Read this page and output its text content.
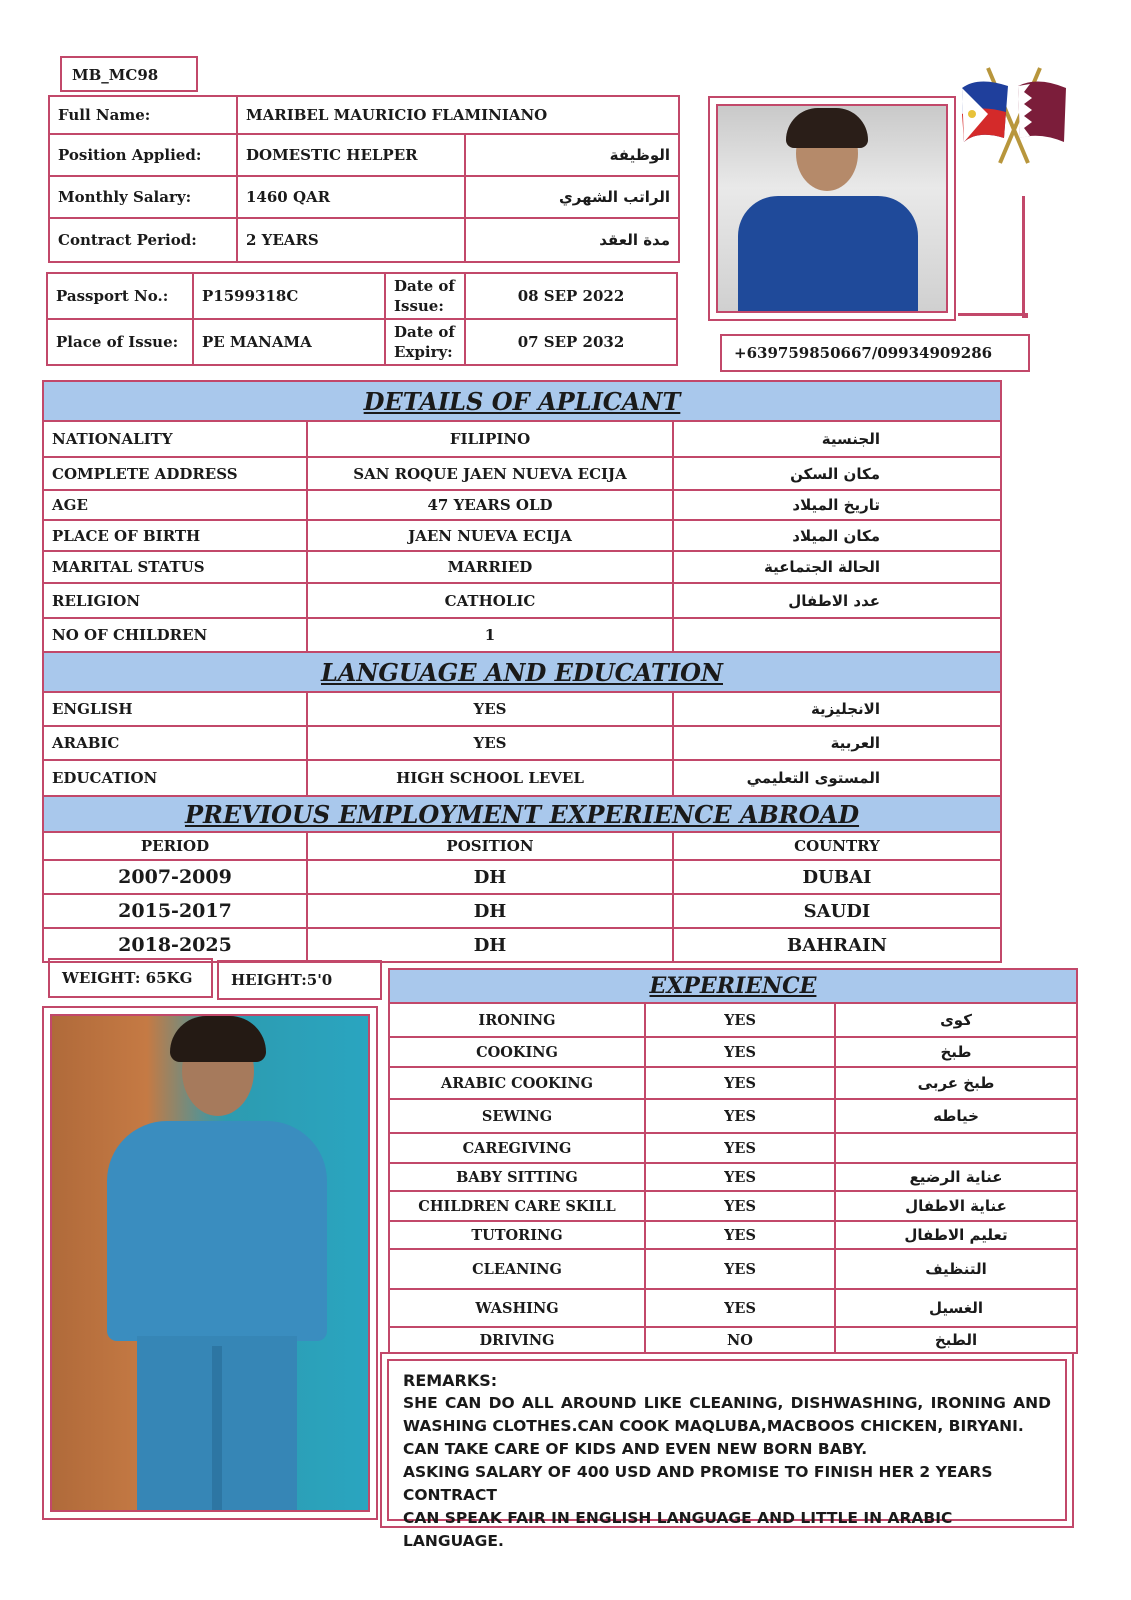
MB_MC98
Full Name:	MARIBEL MAURICIO FLAMINIANO	
Position Applied:	DOMESTIC HELPER	الوظيفة
Monthly Salary:	1460 QAR	الراتب الشهري
Contract Period:	2 YEARS	مدة العقد
Passport No.:	P1599318C	Date of Issue:	08 SEP 2022
Place of Issue:	PE MANAMA	Date of Expiry:	07 SEP 2032
+639759850667/09934909286
DETAILS OF APLICANT		
NATIONALITY	FILIPINO	الجنسية
COMPLETE ADDRESS	SAN ROQUE JAEN NUEVA ECIJA	مكان السكن
AGE	47 YEARS OLD	تاريخ الميلاد
PLACE OF BIRTH	JAEN NUEVA ECIJA	مكان الميلاد
MARITAL STATUS	MARRIED	الحالة الجتماعية
RELIGION	CATHOLIC	عدد الاطفال
NO OF CHILDREN	1	
LANGUAGE AND EDUCATION		
ENGLISH	YES	الانجليزية
ARABIC	YES	العربية
EDUCATION	HIGH SCHOOL LEVEL	المستوى التعليمي
PREVIOUS EMPLOYMENT EXPERIENCE ABROAD		
PERIOD	POSITION	COUNTRY
2007-2009	DH	DUBAI
2015-2017	DH	SAUDI
2018-2025	DH	BAHRAIN
WEIGHT: 65KG	HEIGHT:5'0	EXPERIENCE		
IRONING	YES	كوى
COOKING	YES	طبخ
ARABIC COOKING	YES	طبخ عربى
SEWING	YES	خياطه
CAREGIVING	YES	
BABY SITTING	YES	عناية الرضيع
CHILDREN CARE SKILL	YES	عناية الاطفال
TUTORING	YES	تعليم الاطفال
CLEANING	YES	التنظيف
WASHING	YES	الغسيل
DRIVING	NO	الطبخ
REMARKS:
SHE CAN DO ALL AROUND LIKE CLEANING, DISHWASHING, IRONING AND WASHING CLOTHES.CAN COOK MAQLUBA,MACBOOS CHICKEN, BIRYANI.
CAN TAKE CARE OF KIDS AND EVEN NEW BORN BABY.
ASKING SALARY OF 400 USD AND PROMISE TO FINISH HER 2 YEARS CONTRACT
CAN SPEAK FAIR IN ENGLISH LANGUAGE AND LITTLE IN ARABIC LANGUAGE.
